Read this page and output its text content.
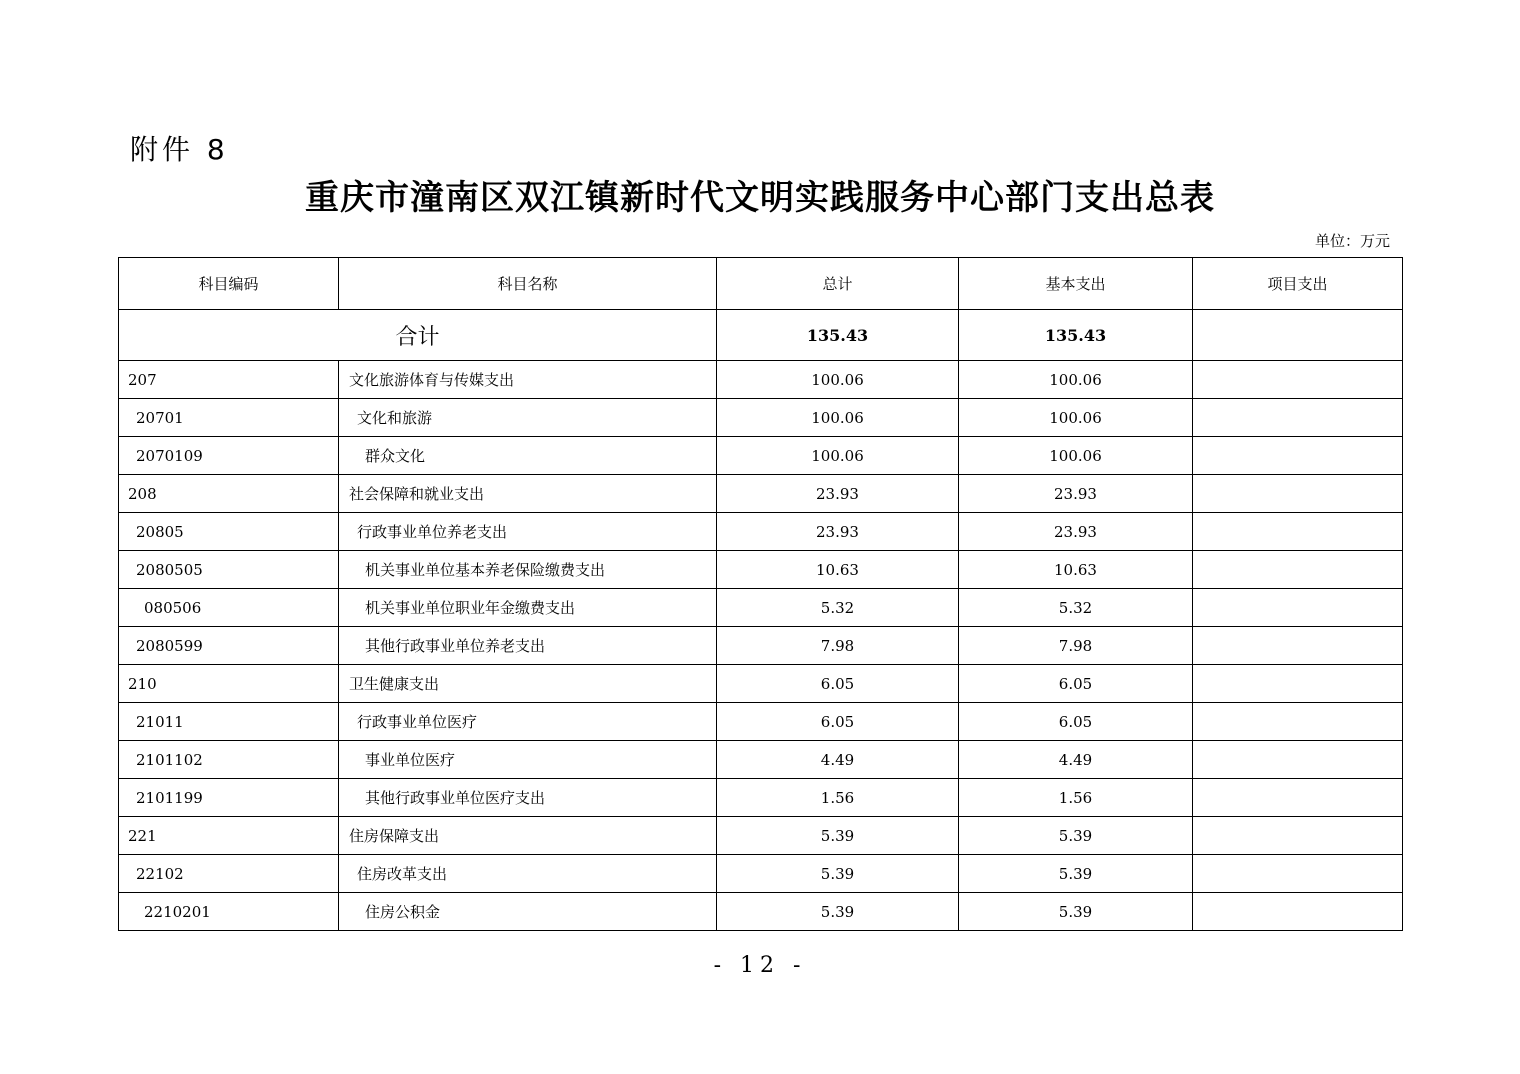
附件 8
重庆市潼南区双江镇新时代文明实践服务中心部门支出总表
单位：万元
科目编码	科目名称	总计	基本支出	项目支出
合计		135.43	135.43	
207	文化旅游体育与传媒支出	100.06	100.06	
20701	文化和旅游	100.06	100.06	
2070109	群众文化	100.06	100.06	
208	社会保障和就业支出	23.93	23.93	
20805	行政事业单位养老支出	23.93	23.93	
2080505	机关事业单位基本养老保险缴费支出	10.63	10.63	
080506	机关事业单位职业年金缴费支出	5.32	5.32	
2080599	其他行政事业单位养老支出	7.98	7.98	
210	卫生健康支出	6.05	6.05	
21011	行政事业单位医疗	6.05	6.05	
2101102	事业单位医疗	4.49	4.49	
2101199	其他行政事业单位医疗支出	1.56	1.56	
221	住房保障支出	5.39	5.39	
22102	住房改革支出	5.39	5.39	
2210201	住房公积金	5.39	5.39	
- 12 -
